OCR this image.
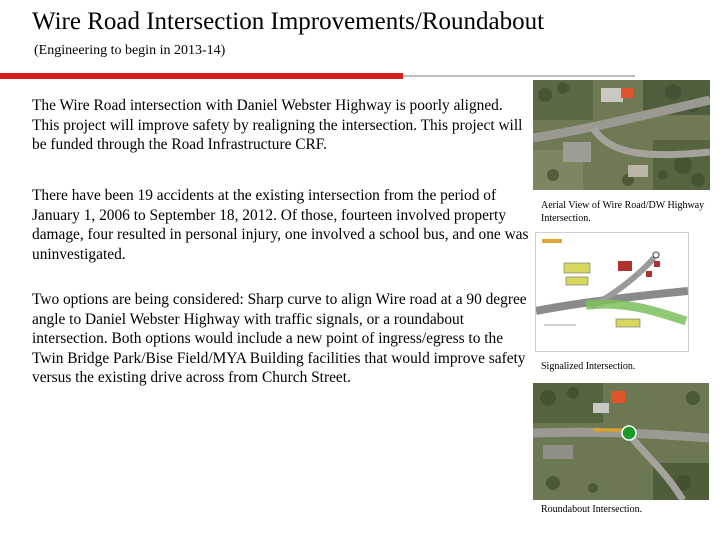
Wire Road Intersection Improvements/Roundabout
(Engineering to begin in 2013-14)

The Wire Road intersection with Daniel Webster Highway is poorly aligned. This project will improve safety by realigning the intersection. This project will be funded through the Road Infrastructure CRF.

There have been 19 accidents at the existing intersection from the period of January 1, 2006 to September 18, 2012. Of those, fourteen involved property damage, four resulted in personal injury, one involved a school bus, and one was uninvestigated.

Two options are being considered: Sharp curve to align Wire road at a 90 degree angle to Daniel Webster Highway with traffic signals, or a roundabout intersection. Both options would include a new point of ingress/egress to the Twin Bridge Park/Bise Field/MYA Building facilities that would improve safety versus the existing drive across from Church Street.

Aerial View of Wire Road/DW Highway Intersection.
Signalized Intersection.
Roundabout Intersection.
